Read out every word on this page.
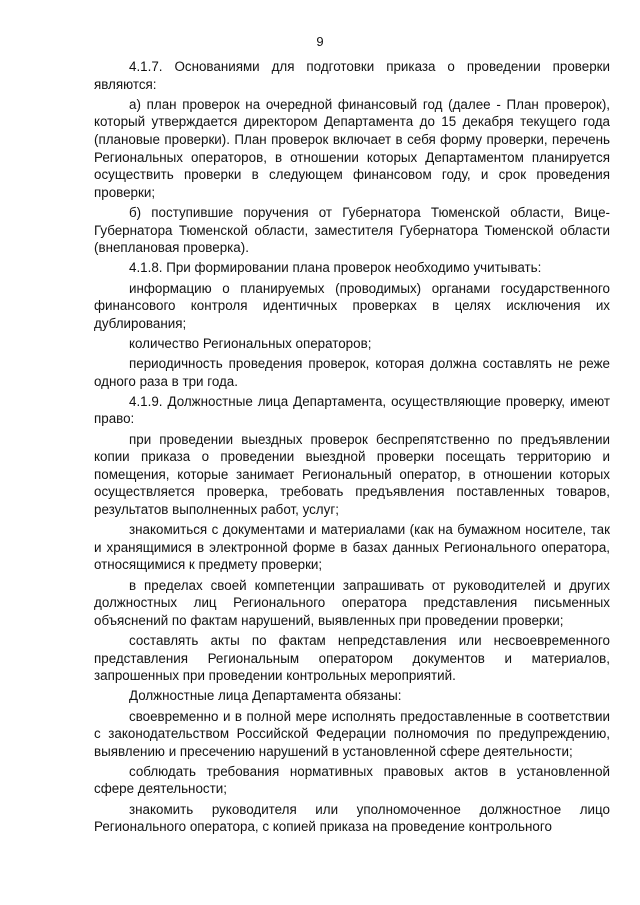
9

4.1.7. Основаниями для подготовки приказа о проведении проверки являются:

а) план проверок на очередной финансовый год (далее - План проверок), который утверждается директором Департамента до 15 декабря текущего года (плановые проверки). План проверок включает в себя форму проверки, перечень Региональных операторов, в отношении которых Департаментом планируется осуществить проверки в следующем финансовом году, и срок проведения проверки;

б) поступившие поручения от Губернатора Тюменской области, Вице-Губернатора Тюменской области, заместителя Губернатора Тюменской области (внеплановая проверка).

4.1.8. При формировании плана проверок необходимо учитывать:

информацию о планируемых (проводимых) органами государственного финансового контроля идентичных проверках в целях исключения их дублирования;

количество Региональных операторов;

периодичность проведения проверок, которая должна составлять не реже одного раза в три года.

4.1.9. Должностные лица Департамента, осуществляющие проверку, имеют право:

при проведении выездных проверок беспрепятственно по предъявлении копии приказа о проведении выездной проверки посещать территорию и помещения, которые занимает Региональный оператор, в отношении которых осуществляется проверка, требовать предъявления поставленных товаров, результатов выполненных работ, услуг;

знакомиться с документами и материалами (как на бумажном носителе, так и хранящимися в электронной форме в базах данных Регионального оператора, относящимися к предмету проверки;

в пределах своей компетенции запрашивать от руководителей и других должностных лиц Регионального оператора представления письменных объяснений по фактам нарушений, выявленных при проведении проверки;

составлять акты по фактам непредставления или несвоевременного представления Региональным оператором документов и материалов, запрошенных при проведении контрольных мероприятий.

Должностные лица Департамента обязаны:

своевременно и в полной мере исполнять предоставленные в соответствии с законодательством Российской Федерации полномочия по предупреждению, выявлению и пресечению нарушений в установленной сфере деятельности;

соблюдать требования нормативных правовых актов в установленной сфере деятельности;

знакомить руководителя или уполномоченное должностное лицо Регионального оператора, с копией приказа на проведение контрольного
